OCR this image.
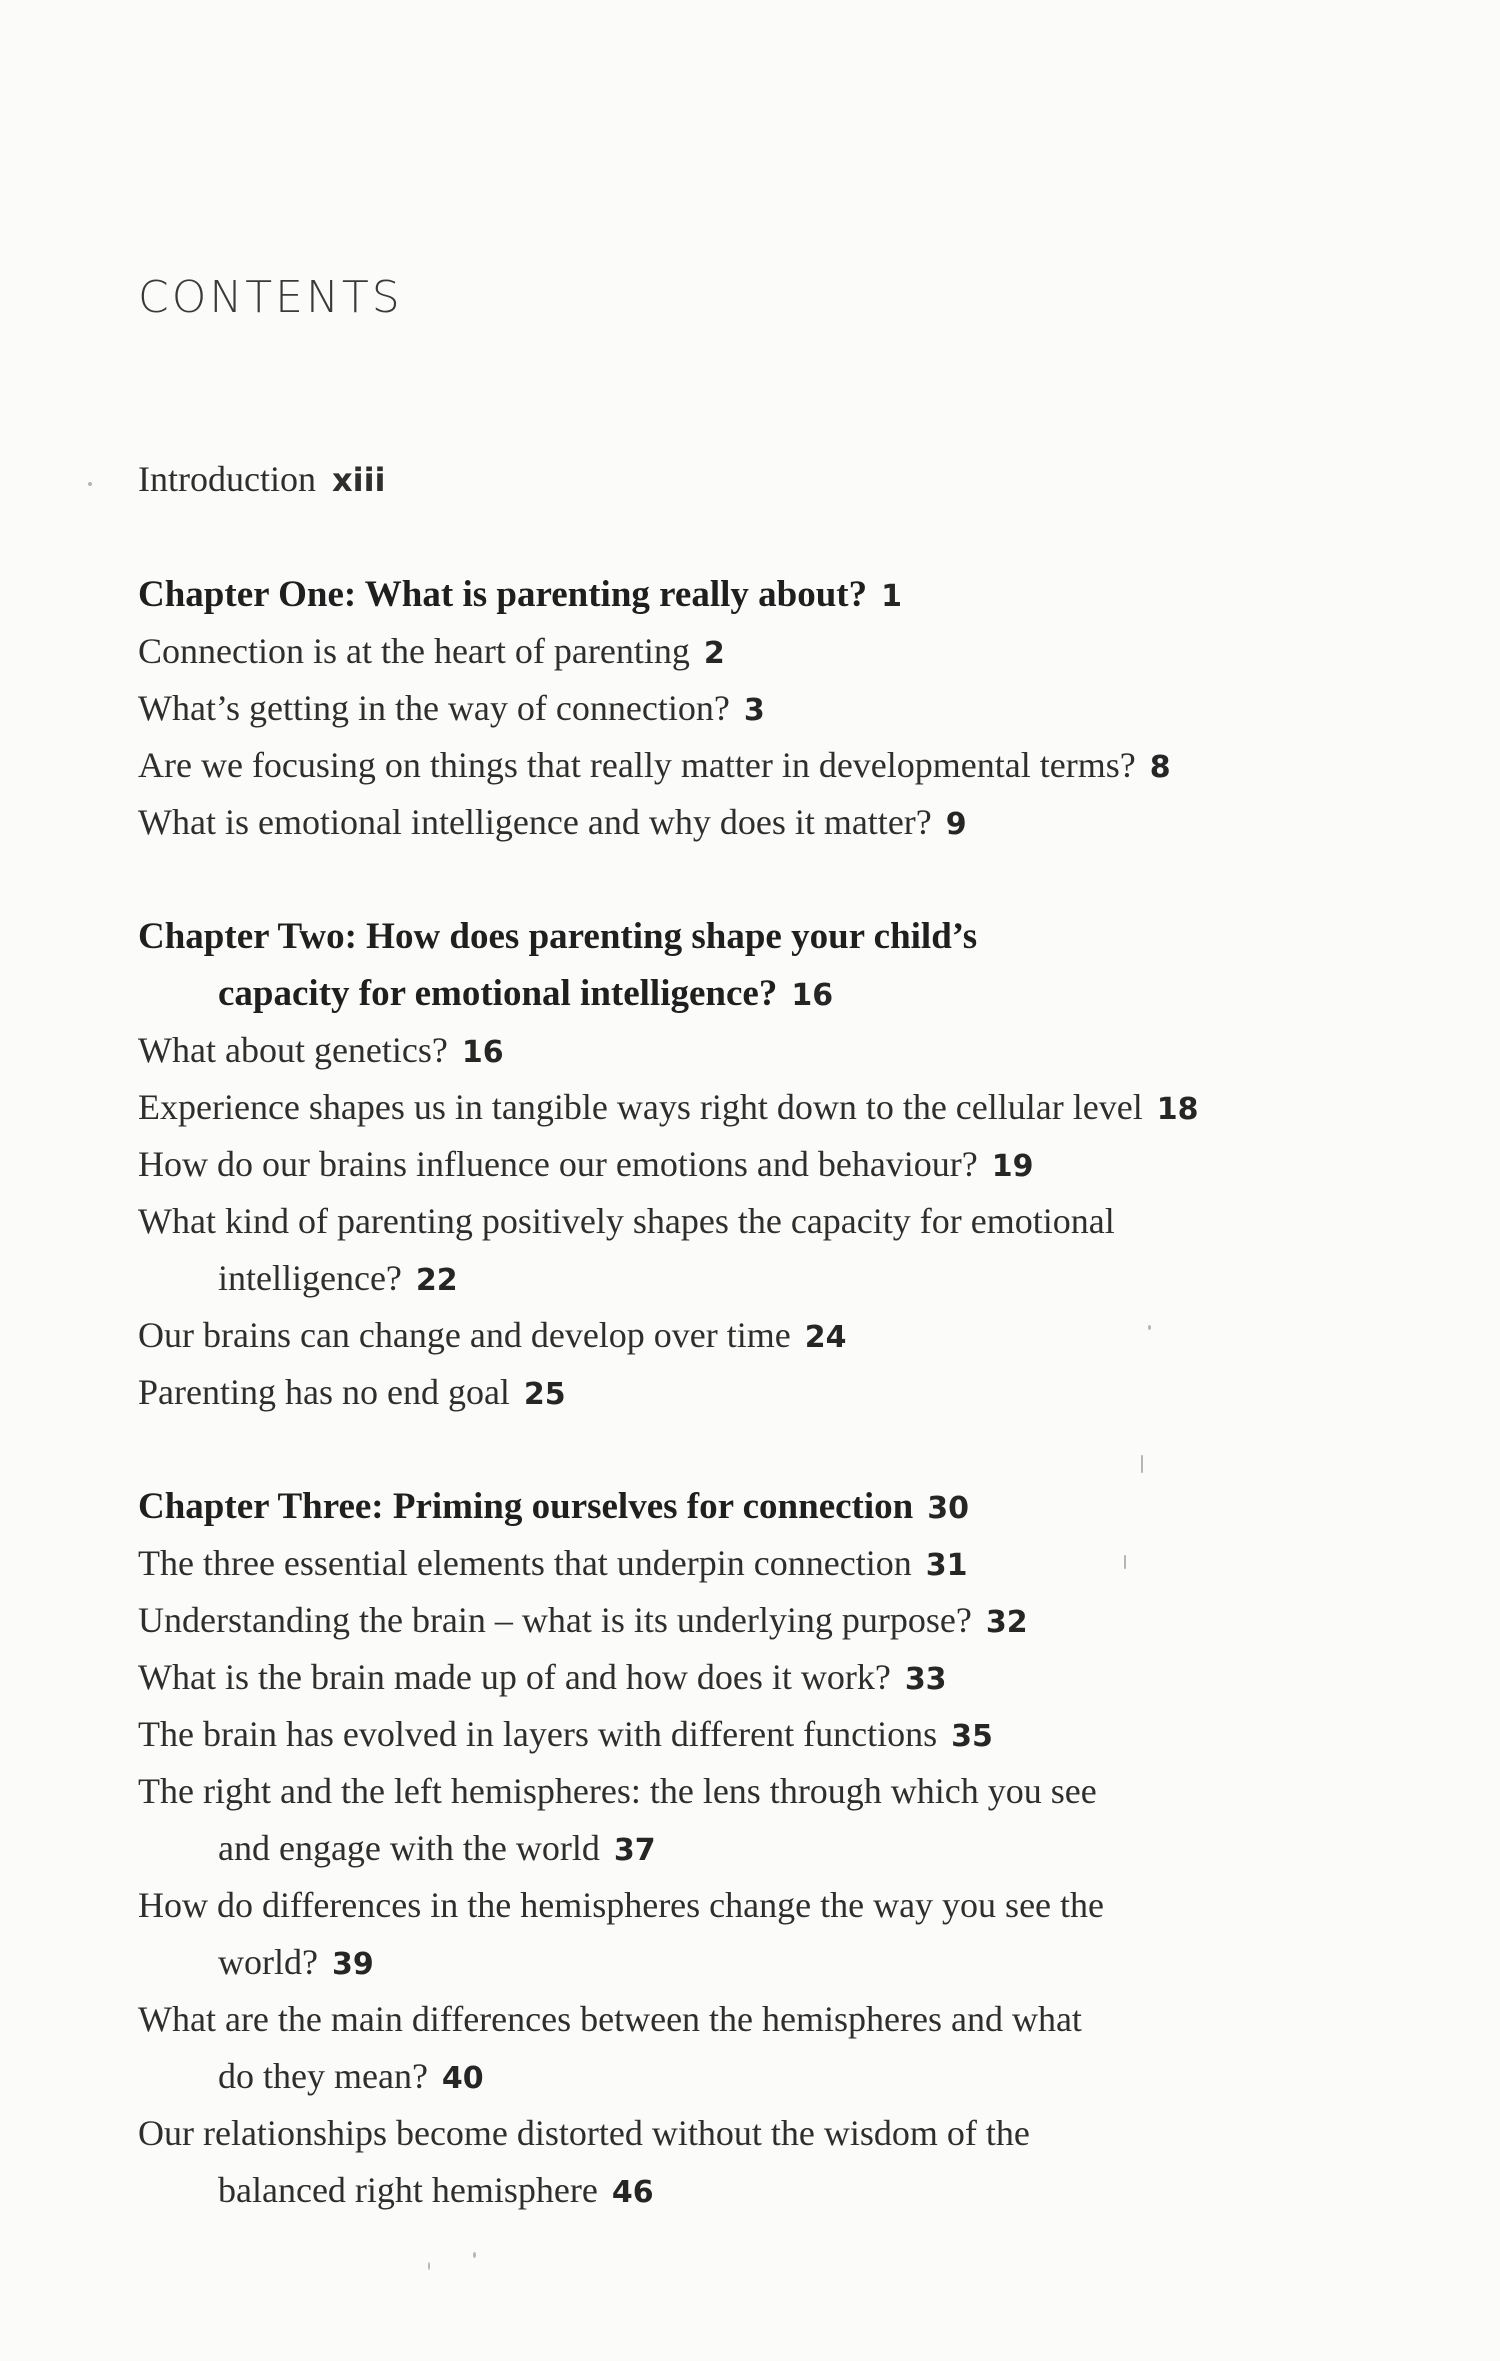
CONTENTS
Introduction xiii
Chapter One: What is parenting really about? 1
Connection is at the heart of parenting 2
What’s getting in the way of connection? 3
Are we focusing on things that really matter in developmental terms? 8
What is emotional intelligence and why does it matter? 9
Chapter Two: How does parenting shape your child’s
capacity for emotional intelligence? 16
What about genetics? 16
Experience shapes us in tangible ways right down to the cellular level 18
How do our brains influence our emotions and behaviour? 19
What kind of parenting positively shapes the capacity for emotional
intelligence? 22
Our brains can change and develop over time 24
Parenting has no end goal 25
Chapter Three: Priming ourselves for connection 30
The three essential elements that underpin connection 31
Understanding the brain – what is its underlying purpose? 32
What is the brain made up of and how does it work? 33
The brain has evolved in layers with different functions 35
The right and the left hemispheres: the lens through which you see
and engage with the world 37
How do differences in the hemispheres change the way you see the
world? 39
What are the main differences between the hemispheres and what
do they mean? 40
Our relationships become distorted without the wisdom of the
balanced right hemisphere 46
